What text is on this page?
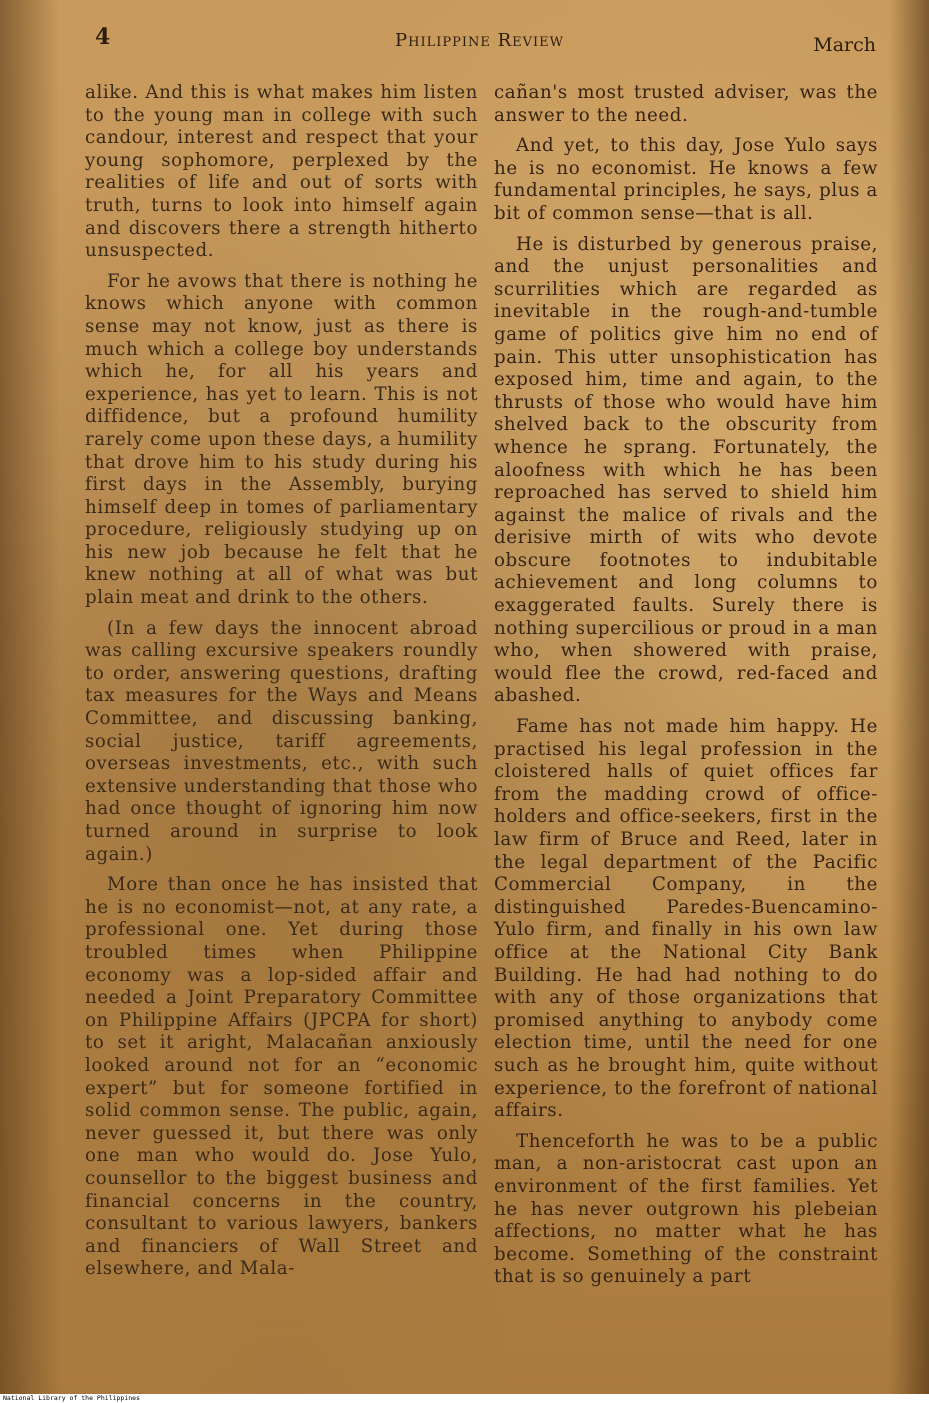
4	Philippine Review	March

alike. And this is what makes him listen to the young man in college with such candour, interest and respect that your young sophomore, perplexed by the realities of life and out of sorts with truth, turns to look into himself again and discovers there a strength hitherto unsuspected.

For he avows that there is nothing he knows which anyone with common sense may not know, just as there is much which a college boy understands which he, for all his years and experience, has yet to learn. This is not diffidence, but a profound humility rarely come upon these days, a humility that drove him to his study during his first days in the Assembly, burying himself deep in tomes of parliamentary procedure, religiously studying up on his new job because he felt that he knew nothing at all of what was but plain meat and drink to the others.

(In a few days the innocent abroad was calling excursive speakers roundly to order, answering questions, drafting tax measures for the Ways and Means Committee, and discussing banking, social justice, tariff agreements, overseas investments, etc., with such extensive understanding that those who had once thought of ignoring him now turned around in surprise to look again.)

More than once he has insisted that he is no economist—not, at any rate, a professional one. Yet during those troubled times when Philippine economy was a lop-sided affair and needed a Joint Preparatory Committee on Philippine Affairs (JPCPA for short) to set it aright, Malacañan anxiously looked around not for an “economic expert” but for someone fortified in solid common sense. The public, again, never guessed it, but there was only one man who would do. Jose Yulo, counsellor to the biggest business and financial concerns in the country, consultant to various lawyers, bankers and financiers of Wall Street and elsewhere, and Mala-

cañan's most trusted adviser, was the answer to the need.

And yet, to this day, Jose Yulo says he is no economist. He knows a few fundamental principles, he says, plus a bit of common sense—that is all.

He is disturbed by generous praise, and the unjust personalities and scurrilities which are regarded as inevitable in the rough-and-tumble game of politics give him no end of pain. This utter unsophistication has exposed him, time and again, to the thrusts of those who would have him shelved back to the obscurity from whence he sprang. Fortunately, the aloofness with which he has been reproached has served to shield him against the malice of rivals and the derisive mirth of wits who devote obscure footnotes to indubitable achievement and long columns to exaggerated faults. Surely there is nothing supercilious or proud in a man who, when showered with praise, would flee the crowd, red-faced and abashed.

Fame has not made him happy. He practised his legal profession in the cloistered halls of quiet offices far from the madding crowd of office-holders and office-seekers, first in the law firm of Bruce and Reed, later in the legal department of the Pacific Commercial Company, in the distinguished Paredes-Buencamino-Yulo firm, and finally in his own law office at the National City Bank Building. He had had nothing to do with any of those organizations that promised anything to anybody come election time, until the need for one such as he brought him, quite without experience, to the forefront of national affairs.

Thenceforth he was to be a public man, a non-aristocrat cast upon an environment of the first families. Yet he has never outgrown his plebeian affections, no matter what he has become. Something of the constraint that is so genuinely a part

National Library of the Philippines
